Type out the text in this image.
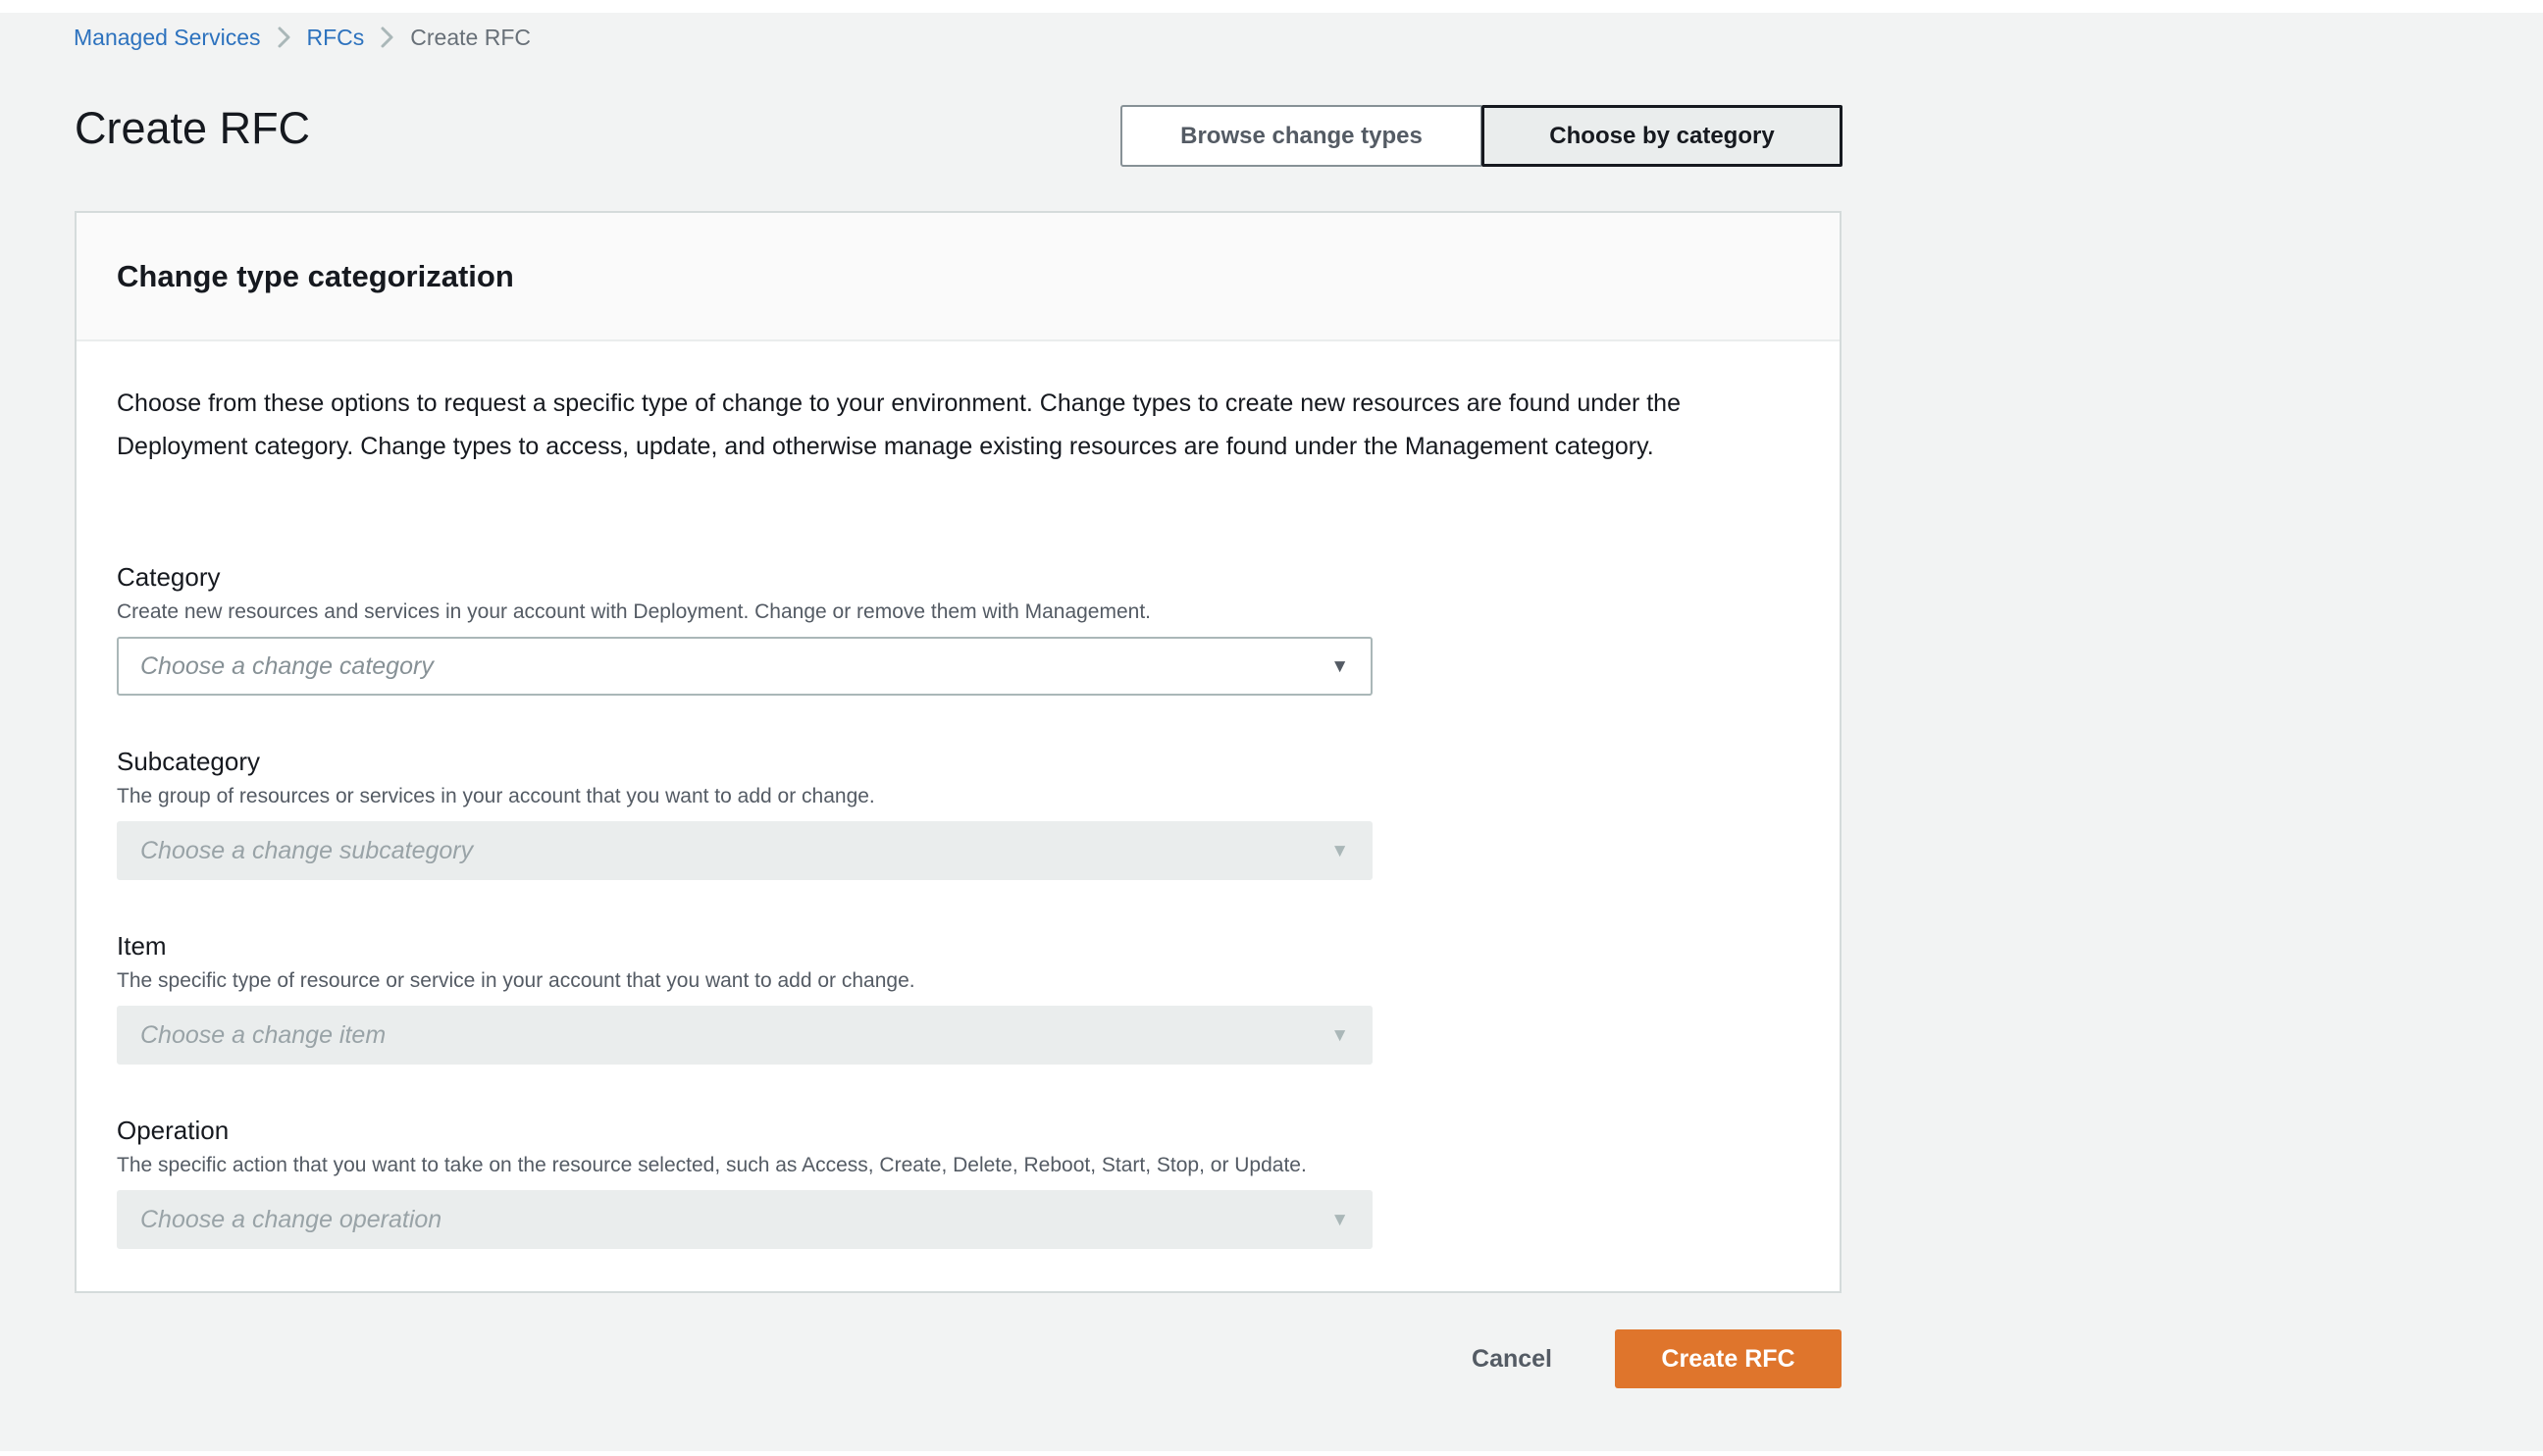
Managed Services RFCs Create RFC
Create RFC	Browse change types	Choose by category
Change type categorization

Choose from these options to request a specific type of change to your environment. Change types to create new resources are found under the Deployment category. Change types to access, update, and otherwise manage existing resources are found under the Management category.

Category
Create new resources and services in your account with Deployment. Change or remove them with Management.
Choose a change category	▼
Subcategory
The group of resources or services in your account that you want to add or change.
Choose a change subcategory	▼
Item
The specific type of resource or service in your account that you want to add or change.
Choose a change item	▼
Operation
The specific action that you want to take on the resource selected, such as Access, Create, Delete, Reboot, Start, Stop, or Update.
Choose a change operation	▼
Cancel	Create RFC
